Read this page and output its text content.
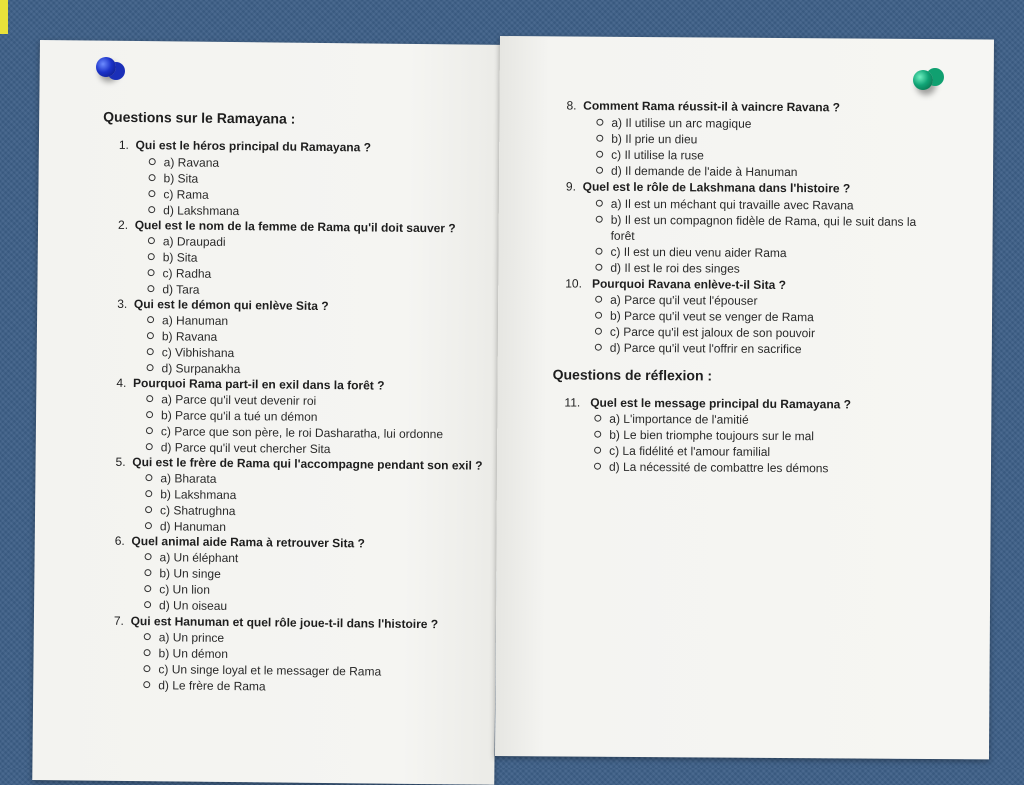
Questions sur le Ramayana :
1. Qui est le héros principal du Ramayana ?
a) Ravana
b) Sita
c) Rama
d) Lakshmana
2. Quel est le nom de la femme de Rama qu'il doit sauver ?
a) Draupadi
b) Sita
c) Radha
d) Tara
3. Qui est le démon qui enlève Sita ?
a) Hanuman
b) Ravana
c) Vibhishana
d) Surpanakha
4. Pourquoi Rama part-il en exil dans la forêt ?
a) Parce qu'il veut devenir roi
b) Parce qu'il a tué un démon
c) Parce que son père, le roi Dasharatha, lui ordonne
d) Parce qu'il veut chercher Sita
5. Qui est le frère de Rama qui l'accompagne pendant son exil ?
a) Bharata
b) Lakshmana
c) Shatrughna
d) Hanuman
6. Quel animal aide Rama à retrouver Sita ?
a) Un éléphant
b) Un singe
c) Un lion
d) Un oiseau
7. Qui est Hanuman et quel rôle joue-t-il dans l'histoire ?
a) Un prince
b) Un démon
c) Un singe loyal et le messager de Rama
d) Le frère de Rama
8. Comment Rama réussit-il à vaincre Ravana ?
a) Il utilise un arc magique
b) Il prie un dieu
c) Il utilise la ruse
d) Il demande de l'aide à Hanuman
9. Quel est le rôle de Lakshmana dans l'histoire ?
a) Il est un méchant qui travaille avec Ravana
b) Il est un compagnon fidèle de Rama, qui le suit dans la
forêt
c) Il est un dieu venu aider Rama
d) Il est le roi des singes
10. Pourquoi Ravana enlève-t-il Sita ?
a) Parce qu'il veut l'épouser
b) Parce qu'il veut se venger de Rama
c) Parce qu'il est jaloux de son pouvoir
d) Parce qu'il veut l'offrir en sacrifice
Questions de réflexion :
11. Quel est le message principal du Ramayana ?
a) L'importance de l'amitié
b) Le bien triomphe toujours sur le mal
c) La fidélité et l'amour familial
d) La nécessité de combattre les démons
